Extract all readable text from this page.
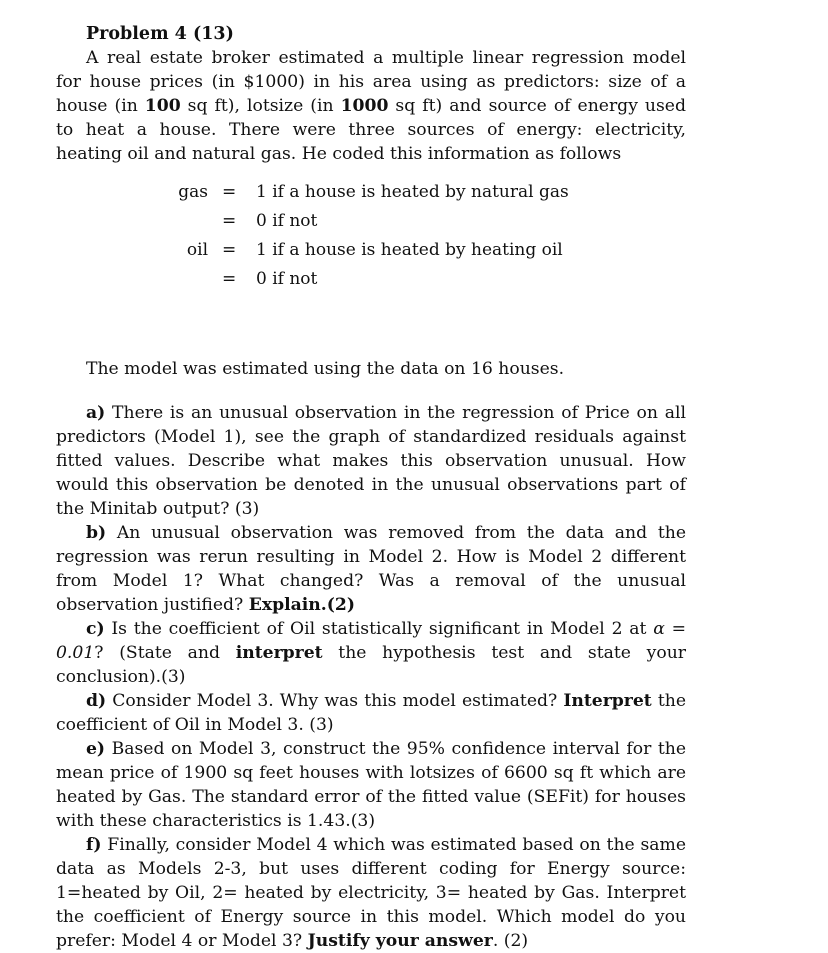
Problem 4 (13)

A real estate broker estimated a multiple linear regression model for house prices (in $1000) in his area using as predictors: size of a house (in 100 sq ft), lotsize (in 1000 sq ft) and source of energy used to heat a house. There were three sources of energy: electricity, heating oil and natural gas. He coded this information as follows

gas = 1 if a house is heated by natural gas
= 0 if not
oil = 1 if a house is heated by heating oil
= 0 if not

The model was estimated using the data on 16 houses.

a) There is an unusual observation in the regression of Price on all predictors (Model 1), see the graph of standardized residuals against fitted values. Describe what makes this observation unusual. How would this observation be denoted in the unusual observations part of the Minitab output? (3)

b) An unusual observation was removed from the data and the regression was rerun resulting in Model 2. How is Model 2 different from Model 1? What changed? Was a removal of the unusual observation justified? Explain.(2)

c) Is the coefficient of Oil statistically significant in Model 2 at α = 0.01? (State and interpret the hypothesis test and state your conclusion).(3)

d) Consider Model 3. Why was this model estimated? Interpret the coefficient of Oil in Model 3. (3)

e) Based on Model 3, construct the 95% confidence interval for the mean price of 1900 sq feet houses with lotsizes of 6600 sq ft which are heated by Gas. The standard error of the fitted value (SEFit) for houses with these characteristics is 1.43.(3)

f) Finally, consider Model 4 which was estimated based on the same data as Models 2-3, but uses different coding for Energy source: 1=heated by Oil, 2= heated by electricity, 3= heated by Gas. Interpret the coefficient of Energy source in this model. Which model do you prefer: Model 4 or Model 3? Justify your answer. (2)
